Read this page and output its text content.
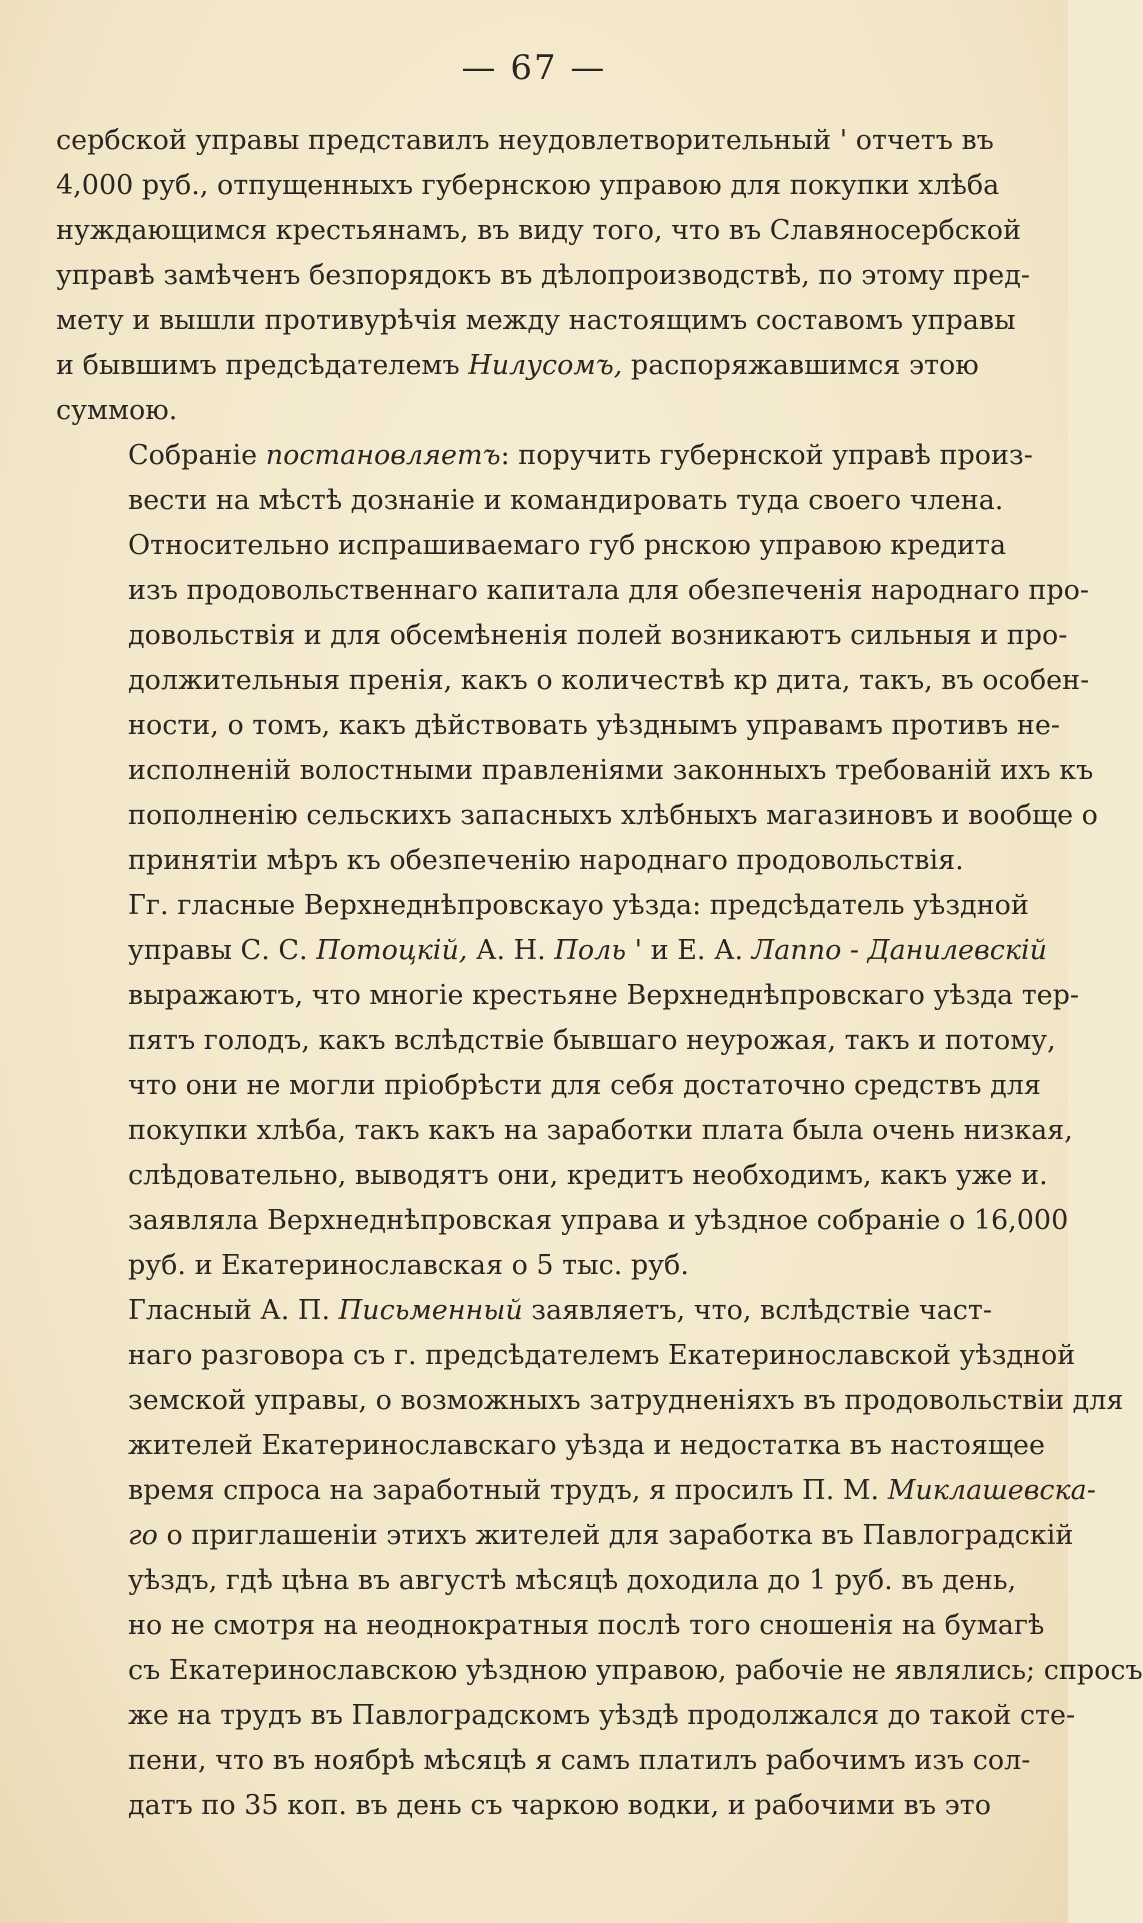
— 67 —

сербской управы представилъ неудовлетворительный ' отчетъ въ
4,000 руб., отпущенныхъ губернскою управою для покупки хлѣба
нуждающимся крестьянамъ, въ виду того, что въ Славяносербской
управѣ замѣченъ безпорядокъ въ дѣлопроизводствѣ, по этому пред-
мету и вышли противурѣчія между настоящимъ составомъ управы
и бывшимъ предсѣдателемъ Нилусомъ, распоряжавшимся этою
суммою.

Собраніе постановляетъ: поручить губернской управѣ произ-
вести на мѣстѣ дознаніе и командировать туда своего члена.

Относительно испрашиваемаго губ рнскою управою кредита
изъ продовольственнаго капитала для обезпеченія народнаго про-
довольствія и для обсемѣненія полей возникаютъ сильныя и про-
должительныя пренія, какъ о количествѣ кр дита, такъ, въ особен-
ности, о томъ, какъ дѣйствовать уѣзднымъ управамъ противъ не-
исполненій волостными правленіями законныхъ требованій ихъ къ
пополненію сельскихъ запасныхъ хлѣбныхъ магазиновъ и вообще о
принятіи мѣръ къ обезпеченію народнаго продовольствія.

Гг. гласные Верхнеднѣпровскауо уѣзда: предсѣдатель уѣздной
управы С. С. Потоцкій, А. Н. Поль ' и Е. А. Лаппо - Данилевскій
выражаютъ, что многіе крестьяне Верхнеднѣпровскаго уѣзда тер-
пятъ голодъ, какъ вслѣдствіе бывшаго неурожая, такъ и потому,
что они не могли пріобрѣсти для себя достаточно средствъ для
покупки хлѣба, такъ какъ на заработки плата была очень низкая,
слѣдовательно, выводятъ они, кредитъ необходимъ, какъ уже и.
заявляла Верхнеднѣпровская управа и уѣздное собраніе о 16,000
руб. и Екатеринославская о 5 тыс. руб.

Гласный А. П. Письменный заявляетъ, что, вслѣдствіе част-
наго разговора съ г. предсѣдателемъ Екатеринославской уѣздной
земской управы, о возможныхъ затрудненіяхъ въ продовольствіи для
жителей Екатеринославскаго уѣзда и недостатка въ настоящее
время спроса на заработный трудъ, я просилъ П. М. Миклашевска-
го о приглашеніи этихъ жителей для заработка въ Павлоградскій
уѣздъ, гдѣ цѣна въ августѣ мѣсяцѣ доходила до 1 руб. въ день,
но не смотря на неоднократныя послѣ того сношенія на бумагѣ
съ Екатеринославскою уѣздною управою, рабочіе не являлись; спросъ
же на трудъ въ Павлоградскомъ уѣздѣ продолжался до такой сте-
пени, что въ ноябрѣ мѣсяцѣ я самъ платилъ рабочимъ изъ сол-
датъ по 35 коп. въ день съ чаркою водки, и рабочими въ это
